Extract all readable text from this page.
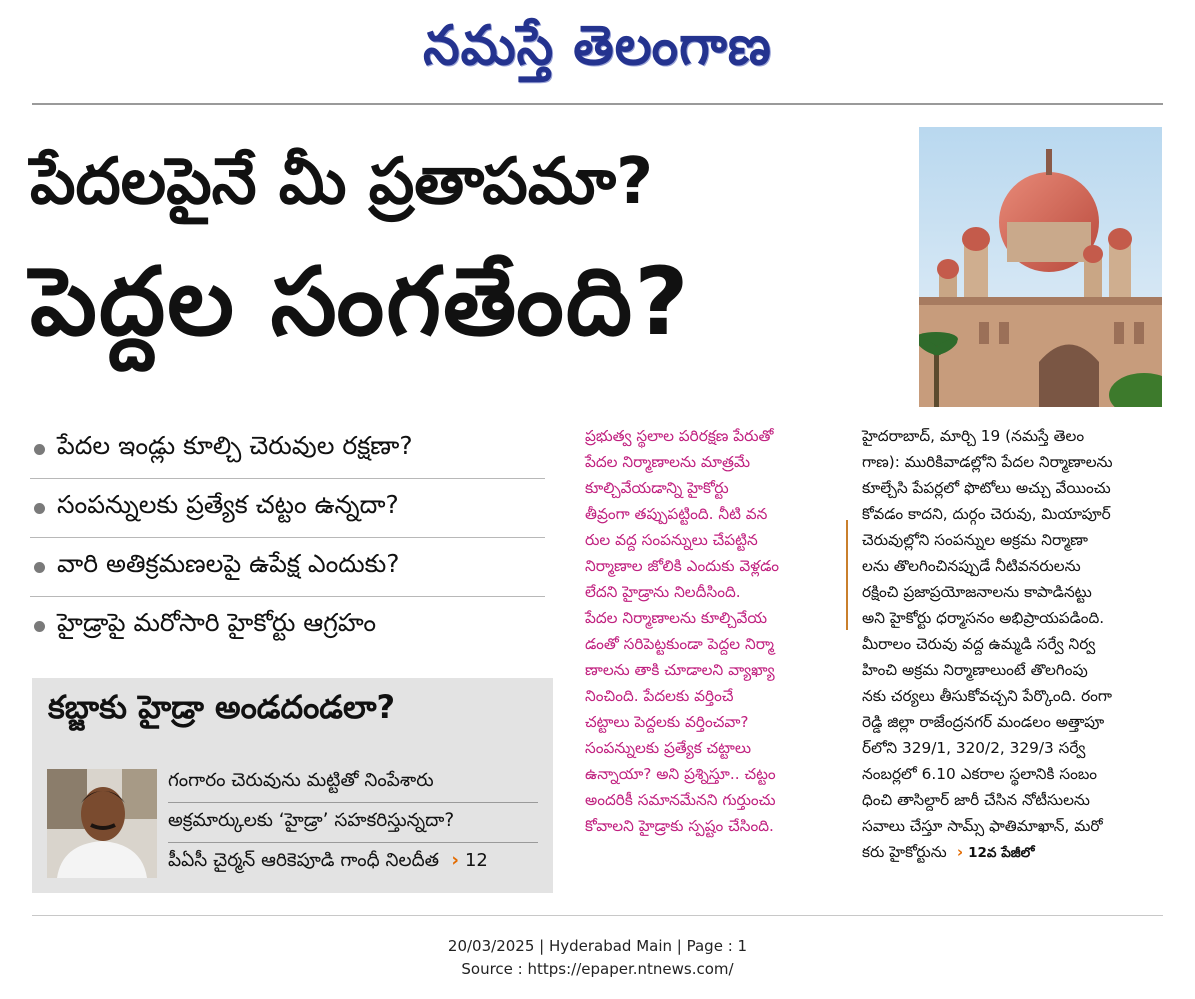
నమస్తే తెలంగాణ
పేదలపైనే మీ ప్రతాపమా?
పెద్దల సంగతేంది?
పేదల ఇండ్లు కూల్చి చెరువుల రక్షణా?
సంపన్నులకు ప్రత్యేక చట్టం ఉన్నదా?
వారి అతిక్రమణలపై ఉపేక్ష ఎందుకు?
హైడ్రాపై మరోసారి హైకోర్టు ఆగ్రహం
కబ్జాకు హైడ్రా అండదండలా?
గంగారం చెరువును మట్టితో నింపేశారు
అక్రమార్కులకు ‘హైడ్రా’ సహకరిస్తున్నదా?
పీఏసీ చైర్మన్ ఆరికెపూడి గాంధీ నిలదీత  › 12
ప్రభుత్వ స్థలాల పరిరక్షణ పేరుతో
పేదల నిర్మాణాలను మాత్రమే
కూల్చివేయడాన్ని హైకోర్టు
తీవ్రంగా తప్పుపట్టింది. నీటి వన
రుల వద్ద సంపన్నులు చేపట్టిన
నిర్మాణాల జోలికి ఎందుకు వెళ్లడం
లేదని హైడ్రాను నిలదీసింది.
పేదల నిర్మాణాలను కూల్చివేయ
డంతో సరిపెట్టకుండా పెద్దల నిర్మా
ణాలను తాకి చూడాలని వ్యాఖ్యా
నించింది. పేదలకు వర్తించే
చట్టాలు పెద్దలకు వర్తించవా?
సంపన్నులకు ప్రత్యేక చట్టాలు
ఉన్నాయా? అని ప్రశ్నిస్తూ.. చట్టం
అందరికీ సమానమేనని గుర్తుంచు
కోవాలని హైడ్రాకు స్పష్టం చేసింది.
హైదరాబాద్, మార్చి 19 (నమస్తే తెలం
గాణ): మురికివాడల్లోని పేదల నిర్మాణాలను
కూల్చేసి పేపర్లలో ఫొటోలు అచ్చు వేయించు
కోవడం కాదని, దుర్గం చెరువు, మియాపూర్
చెరువుల్లోని సంపన్నుల అక్రమ నిర్మాణా
లను తొలగించినప్పుడే నీటివనరులను
రక్షించి ప్రజాప్రయోజనాలను కాపాడినట్టు
అని హైకోర్టు ధర్మాసనం అభిప్రాయపడింది.
మీరాలం చెరువు వద్ద ఉమ్మడి సర్వే నిర్వ
హించి అక్రమ నిర్మాణాలుంటే తొలగింపు
నకు చర్యలు తీసుకోవచ్చని పేర్కొంది. రంగా
రెడ్డి జిల్లా రాజేంద్రనగర్ మండలం అత్తాపూ
ర్‌లోని 329/1, 320/2, 329/3 సర్వే
నంబర్లలో 6.10 ఎకరాల స్థలానికి సంబం
ధించి తాసిల్దార్ జారీ చేసిన నోటీసులను
సవాలు చేస్తూ సామ్స్ ఫాతిమాఖాన్, మరో
కరు హైకోర్టును  › 12వ పేజీలో
20/03/2025 | Hyderabad Main | Page : 1
Source : https://epaper.ntnews.com/
